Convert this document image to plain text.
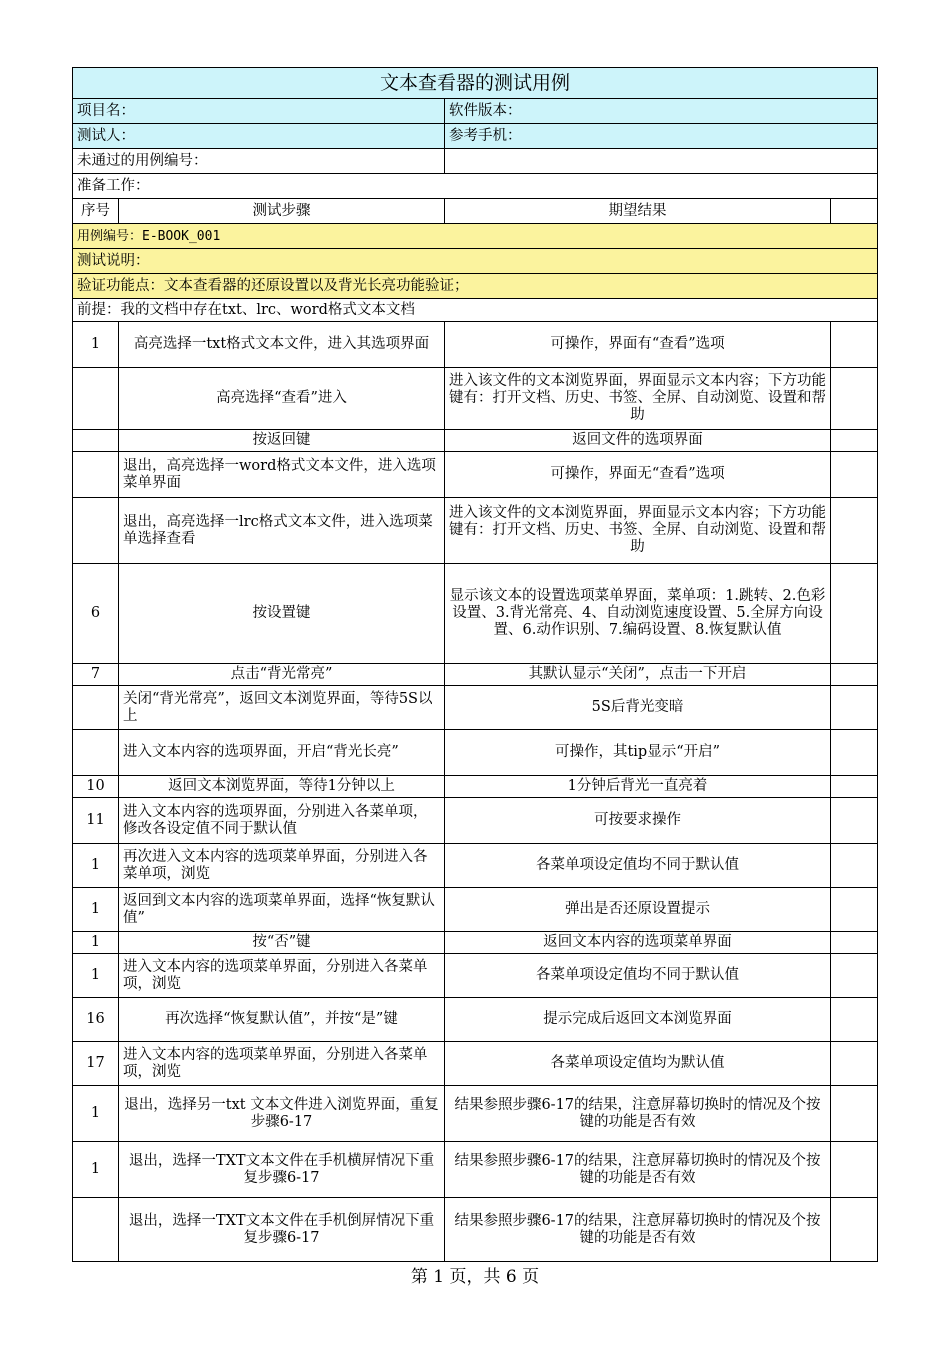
文本查看器的测试用例			
项目名：		软件版本：	
测试人：		参考手机：	
未通过的用例编号：			
准备工作：			
序号	测试步骤	期望结果	
用例编号：E-BOOK_001			
测试说明：			
验证功能点：文本查看器的还原设置以及背光长亮功能验证；			
前提：我的文档中存在txt、lrc、word格式文本文档			
1	高亮选择一txt格式文本文件，进入其选项界面	可操作，界面有“查看”选项	
	高亮选择“查看”进入	进入该文件的文本浏览界面，界面显示文本内容；下方功能键有：打开文档、历史、书签、全屏、自动浏览、设置和帮助	
	按返回键	返回文件的选项界面	
	退出，高亮选择一word格式文本文件，进入选项菜单界面	可操作，界面无“查看”选项	
	退出，高亮选择一lrc格式文本文件，进入选项菜单选择查看	进入该文件的文本浏览界面，界面显示文本内容；下方功能键有：打开文档、历史、书签、全屏、自动浏览、设置和帮助	
6	按设置键	显示该文本的设置选项菜单界面，菜单项：1.跳转、2.色彩设置、3.背光常亮、4、自动浏览速度设置、5.全屏方向设置、6.动作识别、7.编码设置、8.恢复默认值	
7	点击“背光常亮”	其默认显示“关闭”，点击一下开启	
	关闭“背光常亮”，返回文本浏览界面，等待5S以上	5S后背光变暗	
	进入文本内容的选项界面，开启“背光长亮”	可操作，其tip显示“开启”	
10	返回文本浏览界面，等待1分钟以上	1分钟后背光一直亮着	
11	进入文本内容的选项界面，分别进入各菜单项，修改各设定值不同于默认值	可按要求操作	
1	再次进入文本内容的选项菜单界面，分别进入各菜单项，浏览	各菜单项设定值均不同于默认值	
1	返回到文本内容的选项菜单界面，选择“恢复默认值”	弹出是否还原设置提示	
1	按“否”键	返回文本内容的选项菜单界面	
1	进入文本内容的选项菜单界面，分别进入各菜单项，浏览	各菜单项设定值均不同于默认值	
16	再次选择“恢复默认值”，并按“是”键	提示完成后返回文本浏览界面	
17	进入文本内容的选项菜单界面，分别进入各菜单项，浏览	各菜单项设定值均为默认值	
1	退出，选择另一txt 文本文件进入浏览界面，重复步骤6-17	结果参照步骤6-17的结果，注意屏幕切换时的情况及个按键的功能是否有效	
1	退出，选择一TXT文本文件在手机横屏情况下重复步骤6-17	结果参照步骤6-17的结果，注意屏幕切换时的情况及个按键的功能是否有效	
	退出，选择一TXT文本文件在手机倒屏情况下重复步骤6-17	结果参照步骤6-17的结果，注意屏幕切换时的情况及个按键的功能是否有效	
第 1 页，共 6 页
